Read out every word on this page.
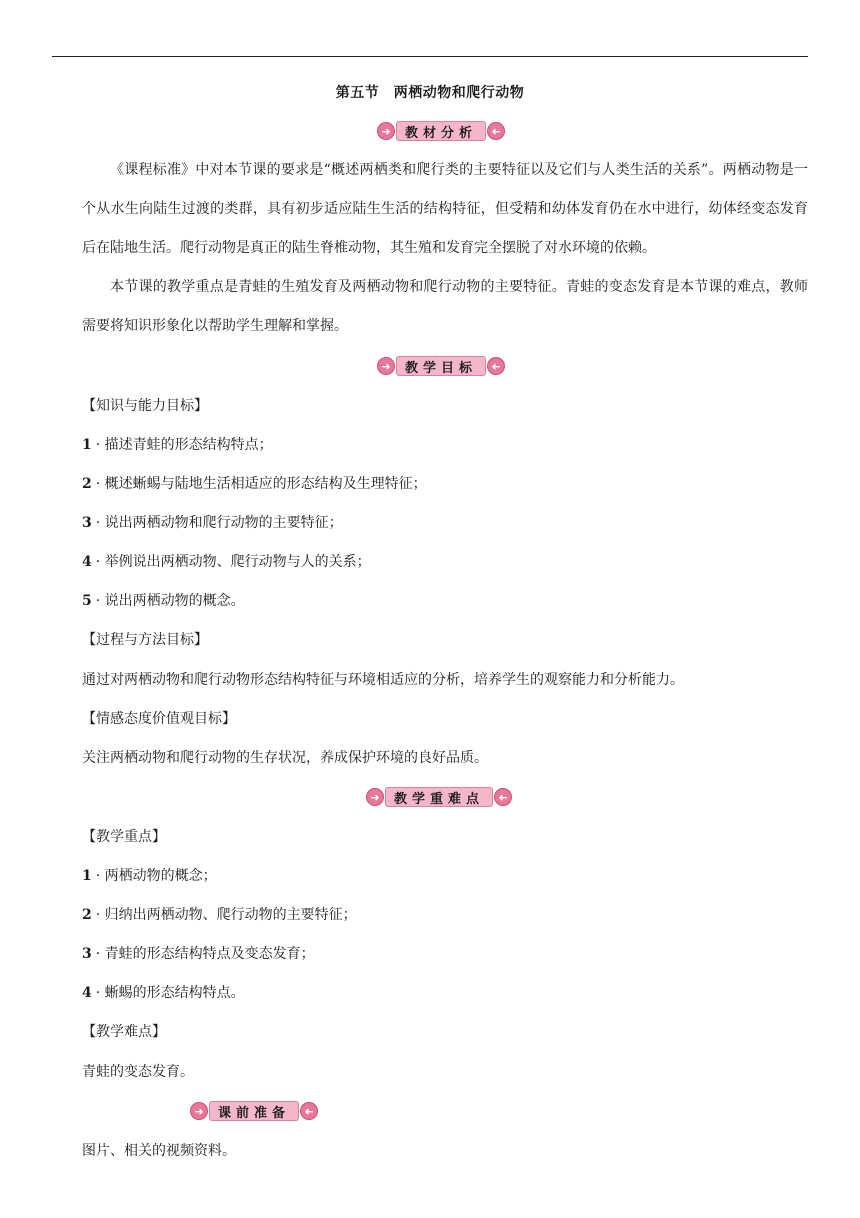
第五节　两栖动物和爬行动物
➜	教材分析	➜

《课程标准》中对本节课的要求是“概述两栖类和爬行类的主要特征以及它们与人类生活的关系”。两栖动物是一个从水生向陆生过渡的类群，具有初步适应陆生生活的结构特征，但受精和幼体发育仍在水中进行，幼体经变态发育后在陆地生活。爬行动物是真正的陆生脊椎动物，其生殖和发育完全摆脱了对水环境的依赖。

本节课的教学重点是青蛙的生殖发育及两栖动物和爬行动物的主要特征。青蛙的变态发育是本节课的难点，教师需要将知识形象化以帮助学生理解和掌握。

➜	教学目标	➜
【知识与能力目标】
1 · 描述青蛙的形态结构特点；
2 · 概述蜥蜴与陆地生活相适应的形态结构及生理特征；
3 · 说出两栖动物和爬行动物的主要特征；
4 · 举例说出两栖动物、爬行动物与人的关系；
5 · 说出两栖动物的概念。
【过程与方法目标】
通过对两栖动物和爬行动物形态结构特征与环境相适应的分析，培养学生的观察能力和分析能力。
【情感态度价值观目标】
关注两栖动物和爬行动物的生存状况，养成保护环境的良好品质。
➜	教学重难点	➜
【教学重点】
1 · 两栖动物的概念；
2 · 归纳出两栖动物、爬行动物的主要特征；
3 · 青蛙的形态结构特点及变态发育；
4 · 蜥蜴的形态结构特点。
【教学难点】
青蛙的变态发育。
➜	课前准备	➜
图片、相关的视频资料。
